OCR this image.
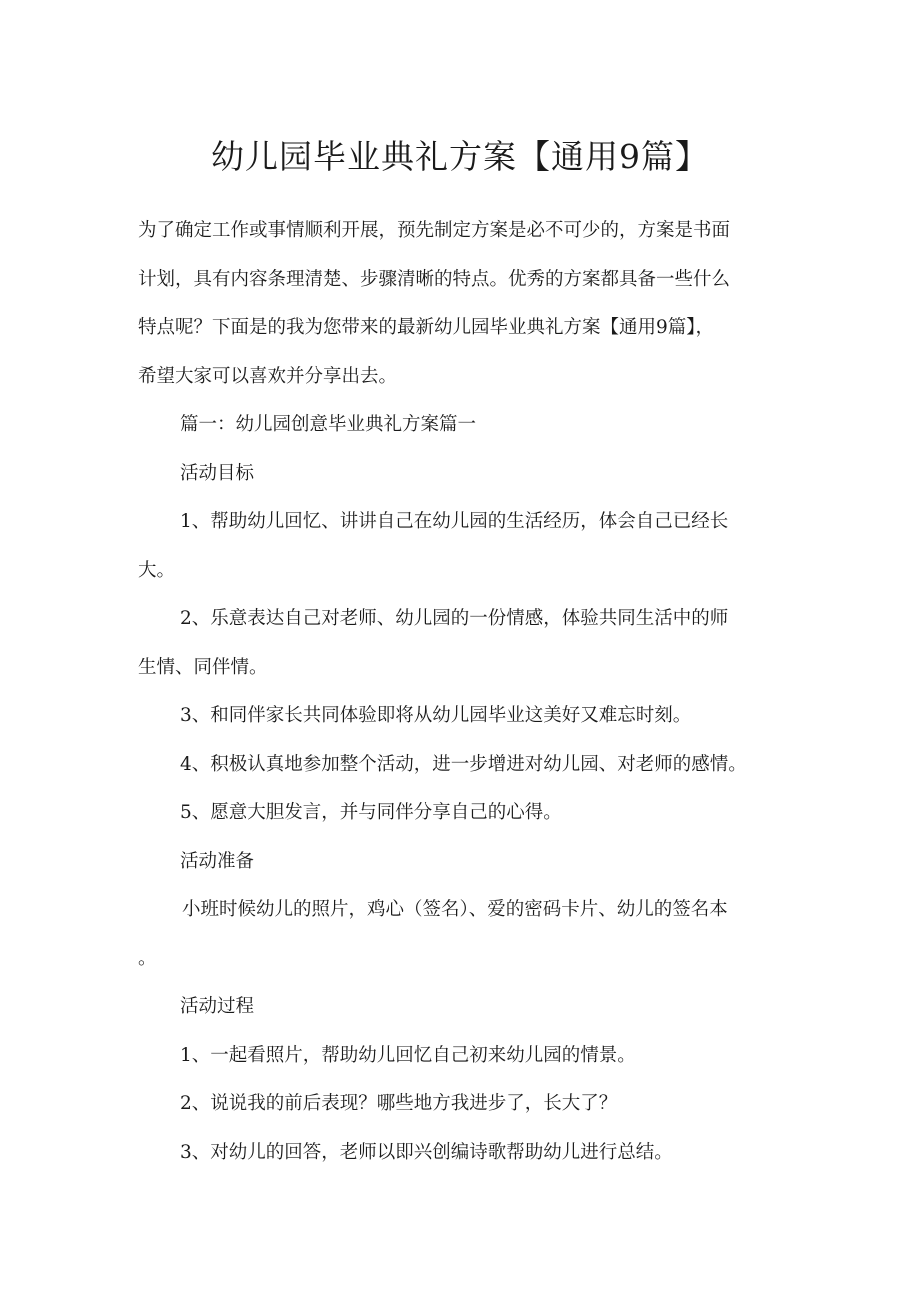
幼儿园毕业典礼方案【通用9篇】
为了确定工作或事情顺利开展，预先制定方案是必不可少的，方案是书面
计划，具有内容条理清楚、步骤清晰的特点。优秀的方案都具备一些什么
特点呢？下面是的我为您带来的最新幼儿园毕业典礼方案【通用9篇】，
希望大家可以喜欢并分享出去。
篇一：幼儿园创意毕业典礼方案篇一
活动目标
1、帮助幼儿回忆、讲讲自己在幼儿园的生活经历，体会自己已经长
大。
2、乐意表达自己对老师、幼儿园的一份情感，体验共同生活中的师
生情、同伴情。
3、和同伴家长共同体验即将从幼儿园毕业这美好又难忘时刻。
4、积极认真地参加整个活动，进一步增进对幼儿园、对老师的感情。
5、愿意大胆发言，并与同伴分享自己的心得。
活动准备
小班时候幼儿的照片，鸡心（签名）、爱的密码卡片、幼儿的签名本
。
活动过程
1、一起看照片，帮助幼儿回忆自己初来幼儿园的情景。
2、说说我的前后表现？哪些地方我进步了，长大了？
3、对幼儿的回答，老师以即兴创编诗歌帮助幼儿进行总结。
